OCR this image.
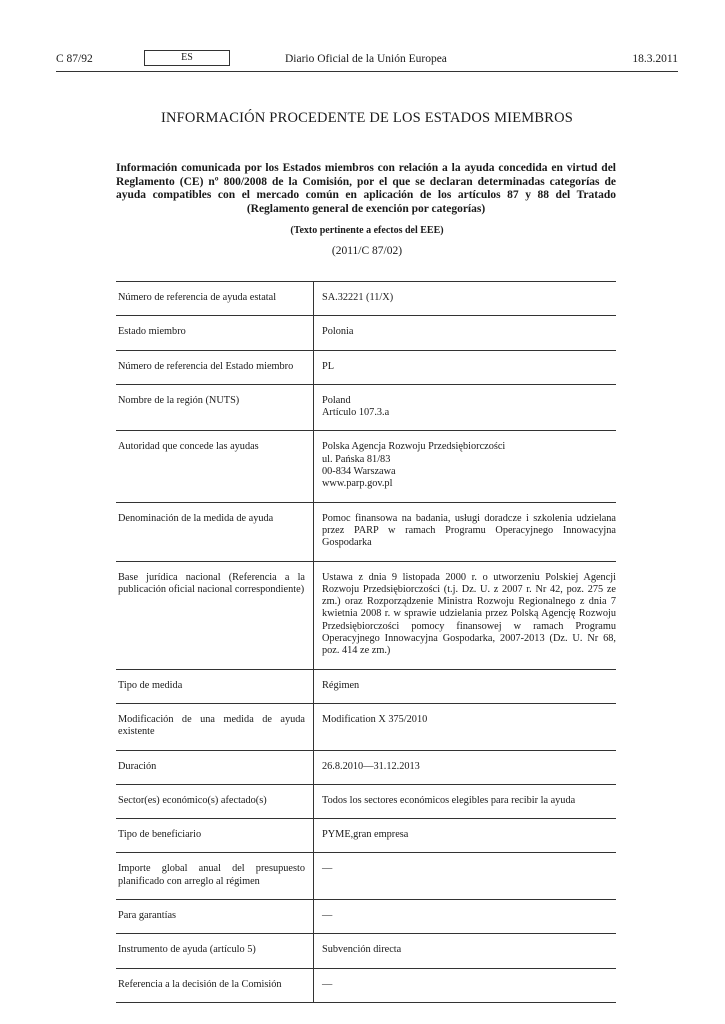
C 87/92	ES	Diario Oficial de la Unión Europea	18.3.2011
INFORMACIÓN PROCEDENTE DE LOS ESTADOS MIEMBROS
Información comunicada por los Estados miembros con relación a la ayuda concedida en virtud del Reglamento (CE) nº 800/2008 de la Comisión, por el que se declaran determinadas categorías de ayuda compatibles con el mercado común en aplicación de los artículos 87 y 88 del Tratado (Reglamento general de exención por categorías)
(Texto pertinente a efectos del EEE)
(2011/C 87/02)
Número de referencia de ayuda estatal	SA.32221 (11/X)
Estado miembro	Polonia
Número de referencia del Estado miembro	PL
Nombre de la región (NUTS)	Poland
Artículo 107.3.a

Autoridad que concede las ayudas	Polska Agencja Rozwoju Przedsiębiorczości
ul. Pańska 81/83
00-834 Warszawa
www.parp.gov.pl

Denominación de la medida de ayuda	Pomoc finansowa na badania, usługi doradcze i szkolenia udzielana przez PARP w ramach Programu Operacyjnego Innowacyjna Gospodarka
Base jurídica nacional (Referencia a la publicación oficial nacional correspondiente)	Ustawa z dnia 9 listopada 2000 r. o utworzeniu Polskiej Agencji Rozwoju Przedsiębiorczości (t.j. Dz. U. z 2007 r. Nr 42, poz. 275 ze zm.) oraz Rozporządzenie Ministra Rozwoju Regionalnego z dnia 7 kwietnia 2008 r. w sprawie udzielania przez Polską Agencję Rozwoju Przedsiębiorczości pomocy finansowej w ramach Programu Operacyjnego Innowacyjna Gospodarka, 2007-2013 (Dz. U. Nr 68, poz. 414 ze zm.)
Tipo de medida	Régimen
Modificación de una medida de ayuda existente	Modification X 375/2010
Duración	26.8.2010—31.12.2013
Sector(es) económico(s) afectado(s)	Todos los sectores económicos elegibles para recibir la ayuda
Tipo de beneficiario	PYME,gran empresa
Importe global anual del presupuesto planificado con arreglo al régimen	—
Para garantías	—
Instrumento de ayuda (artículo 5)	Subvención directa
Referencia a la decisión de la Comisión	—
